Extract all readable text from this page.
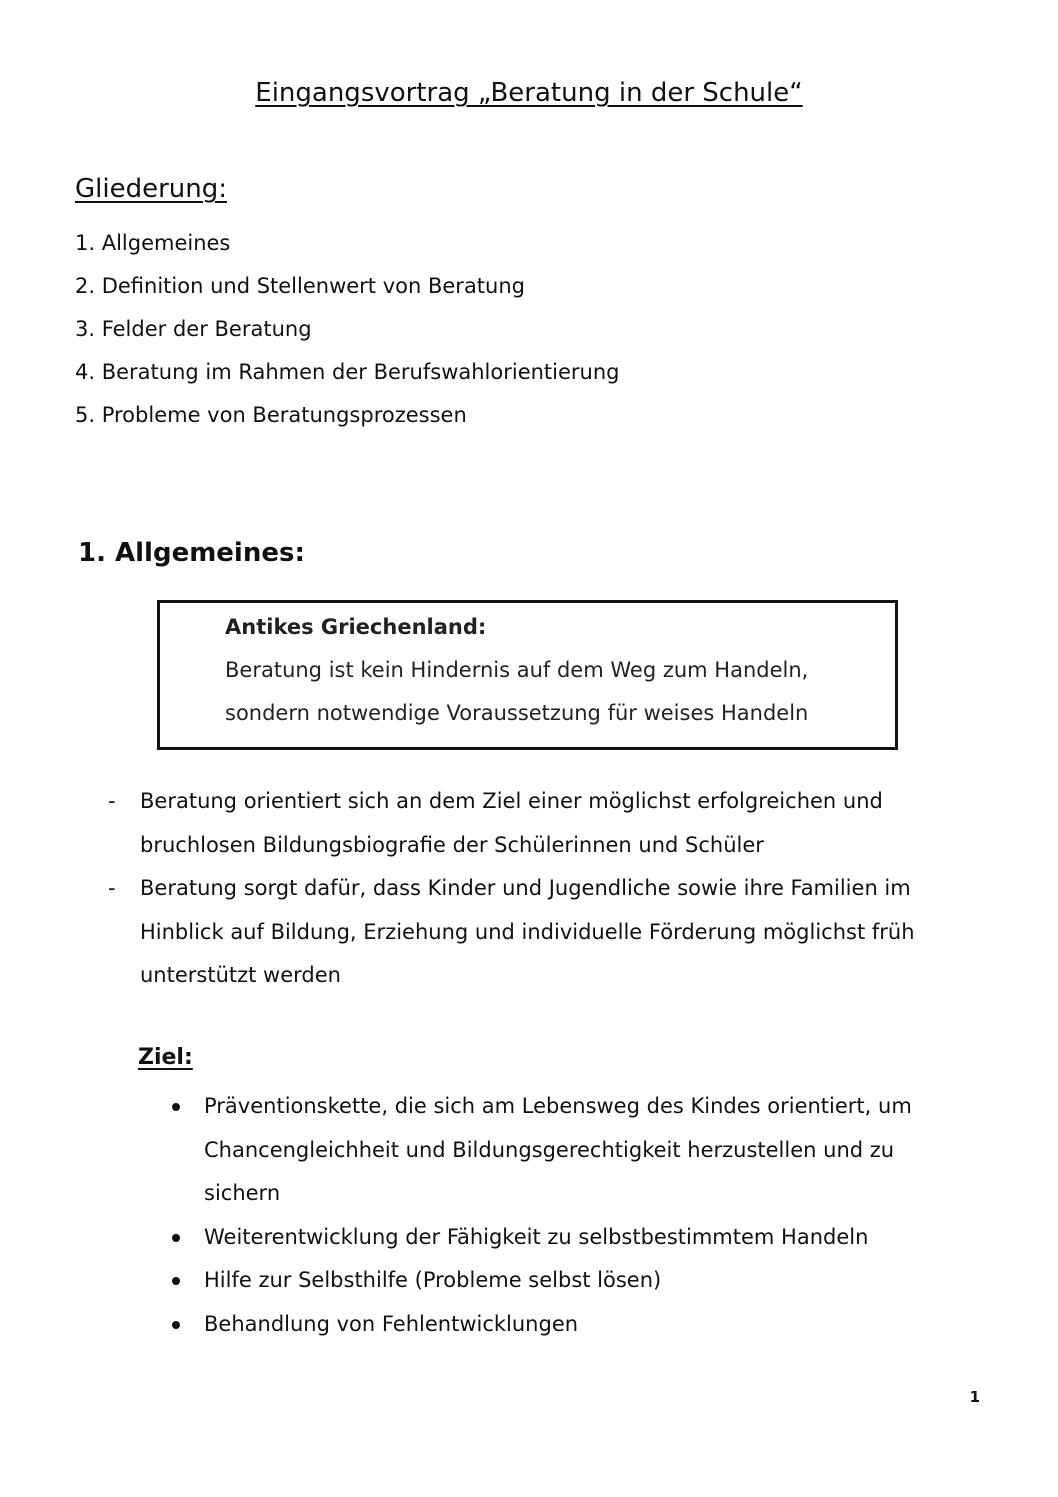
Eingangsvortrag „Beratung in der Schule“
Gliederung:
1. Allgemeines
2. Definition und Stellenwert von Beratung
3. Felder der Beratung
4. Beratung im Rahmen der Berufswahlorientierung
5. Probleme von Beratungsprozessen
1. Allgemeines:
Antikes Griechenland:
Beratung ist kein Hindernis auf dem Weg zum Handeln,
sondern notwendige Voraussetzung für weises Handeln
- Beratung orientiert sich an dem Ziel einer möglichst erfolgreichen und bruchlosen Bildungsbiografie der Schülerinnen und Schüler
- Beratung sorgt dafür, dass Kinder und Jugendliche sowie ihre Familien im Hinblick auf Bildung, Erziehung und individuelle Förderung möglichst früh unterstützt werden
Ziel:
Präventionskette, die sich am Lebensweg des Kindes orientiert, um Chancengleichheit und Bildungsgerechtigkeit herzustellen und zu sichern
Weiterentwicklung der Fähigkeit zu selbstbestimmtem Handeln
Hilfe zur Selbsthilfe (Probleme selbst lösen)
Behandlung von Fehlentwicklungen
1
